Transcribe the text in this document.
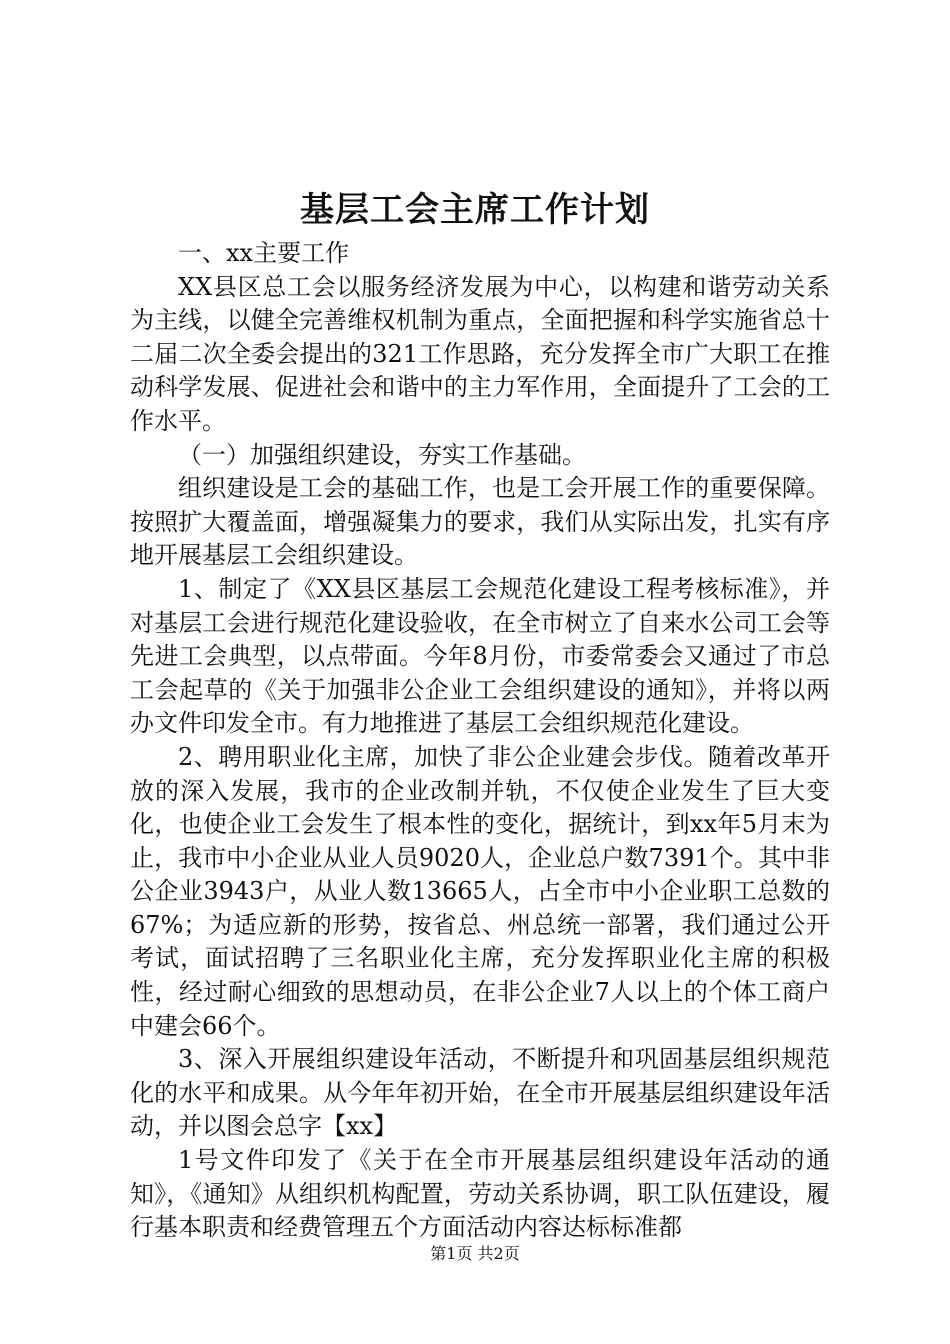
基层工会主席工作计划

一、xx主要工作

XX县区总工会以服务经济发展为中心，以构建和谐劳动关系为主线，以健全完善维权机制为重点，全面把握和科学实施省总十二届二次全委会提出的321工作思路，充分发挥全市广大职工在推动科学发展、促进社会和谐中的主力军作用，全面提升了工会的工作水平。

（一）加强组织建设，夯实工作基础。

组织建设是工会的基础工作，也是工会开展工作的重要保障。按照扩大覆盖面，增强凝集力的要求，我们从实际出发，扎实有序地开展基层工会组织建设。

1、制定了《XX县区基层工会规范化建设工程考核标准》，并对基层工会进行规范化建设验收，在全市树立了自来水公司工会等先进工会典型，以点带面。今年8月份，市委常委会又通过了市总工会起草的《关于加强非公企业工会组织建设的通知》，并将以两办文件印发全市。有力地推进了基层工会组织规范化建设。

2、聘用职业化主席，加快了非公企业建会步伐。随着改革开放的深入发展，我市的企业改制并轨，不仅使企业发生了巨大变化，也使企业工会发生了根本性的变化，据统计，到xx年5月末为止，我市中小企业从业人员9020人，企业总户数7391个。其中非公企业3943户，从业人数13665人，占全市中小企业职工总数的67%；为适应新的形势，按省总、州总统一部署，我们通过公开考试，面试招聘了三名职业化主席，充分发挥职业化主席的积极性，经过耐心细致的思想动员，在非公企业7人以上的个体工商户中建会66个。

3、深入开展组织建设年活动，不断提升和巩固基层组织规范化的水平和成果。从今年年初开始，在全市开展基层组织建设年活动，并以图会总字【xx】

1号文件印发了《关于在全市开展基层组织建设年活动的通知》，《通知》从组织机构配置，劳动关系协调，职工队伍建设，履行基本职责和经费管理五个方面活动内容达标标准都

第1页 共2页
